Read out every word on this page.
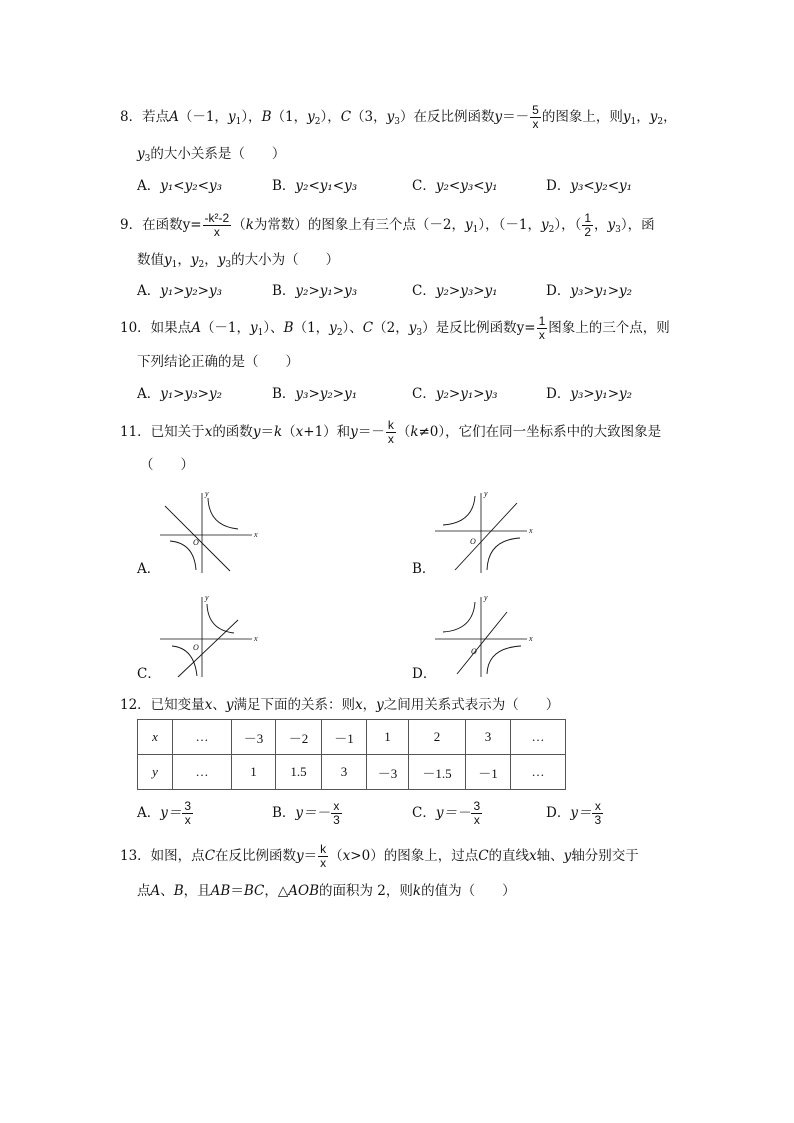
8．若点A（－1，$y_1$），B（1，$y_2$），C（3，$y_3$）在反比例函数$y=- \frac{5}{x}$ 的图象上，则$y_1$，$y_2$，
$y_3$的大小关系是（　　）
A．y₁<y₂<y₃	B．y₂<y₁<y₃	C．y₂<y₃<y₁	D．y₃<y₂<y₁
9．在函数$y= \frac{\text{-k²-2}}{x} (k$为常数）的图象上有三个点（－2，$y_1$），（－1，$y_2$），（ $\frac{1}{2}$ ，$y_3$），函
数值$y_1$，$y_2$，$y_3$的大小为（　　）
A．y₁>y₂>y₃	B．y₂>y₁>y₃	C．y₂>y₃>y₁	D．y₃>y₁>y₂
10．如果点A（－1，$y_1$）、B（1，$y_2$）、C（2，$y_3$）是反比例函数$y= \frac{1}{x}$ 图象上的三个点，则
下列结论正确的是（　　）
A．y₁>y₃>y₂	B．y₃>y₂>y₁	C．y₂>y₁>y₃	D．y₃>y₁>y₂
11．已知关于x的函数y＝k（x+1）和$y=- \frac{k}{x} (k\ne 0)$，它们在同一坐标系中的大致图象是
（　　）
x
y
O
A．
x
y
O
B．
x
y
O
C．
x
y
O
D．
12．已知变量x、y满足下面的关系：则x，y之间用关系式表示为（　　）
x	…	－3	－2	－1	1	2	3	…
y	…	1	1.5	3	－3	－1.5	－1	…
A．$y= \frac{3}{x}$	B．$y=- \frac{x}{3}$	C．$y=- \frac{3}{x}$	D．$y= \frac{x}{3}$
13．如图，点C在反比例函数$y= \frac{k}{x} (x>0)$的图象上，过点C的直线x轴、y轴分别交于
点A、B，且AB＝BC，△AOB的面积为 2，则k的值为（　　）
